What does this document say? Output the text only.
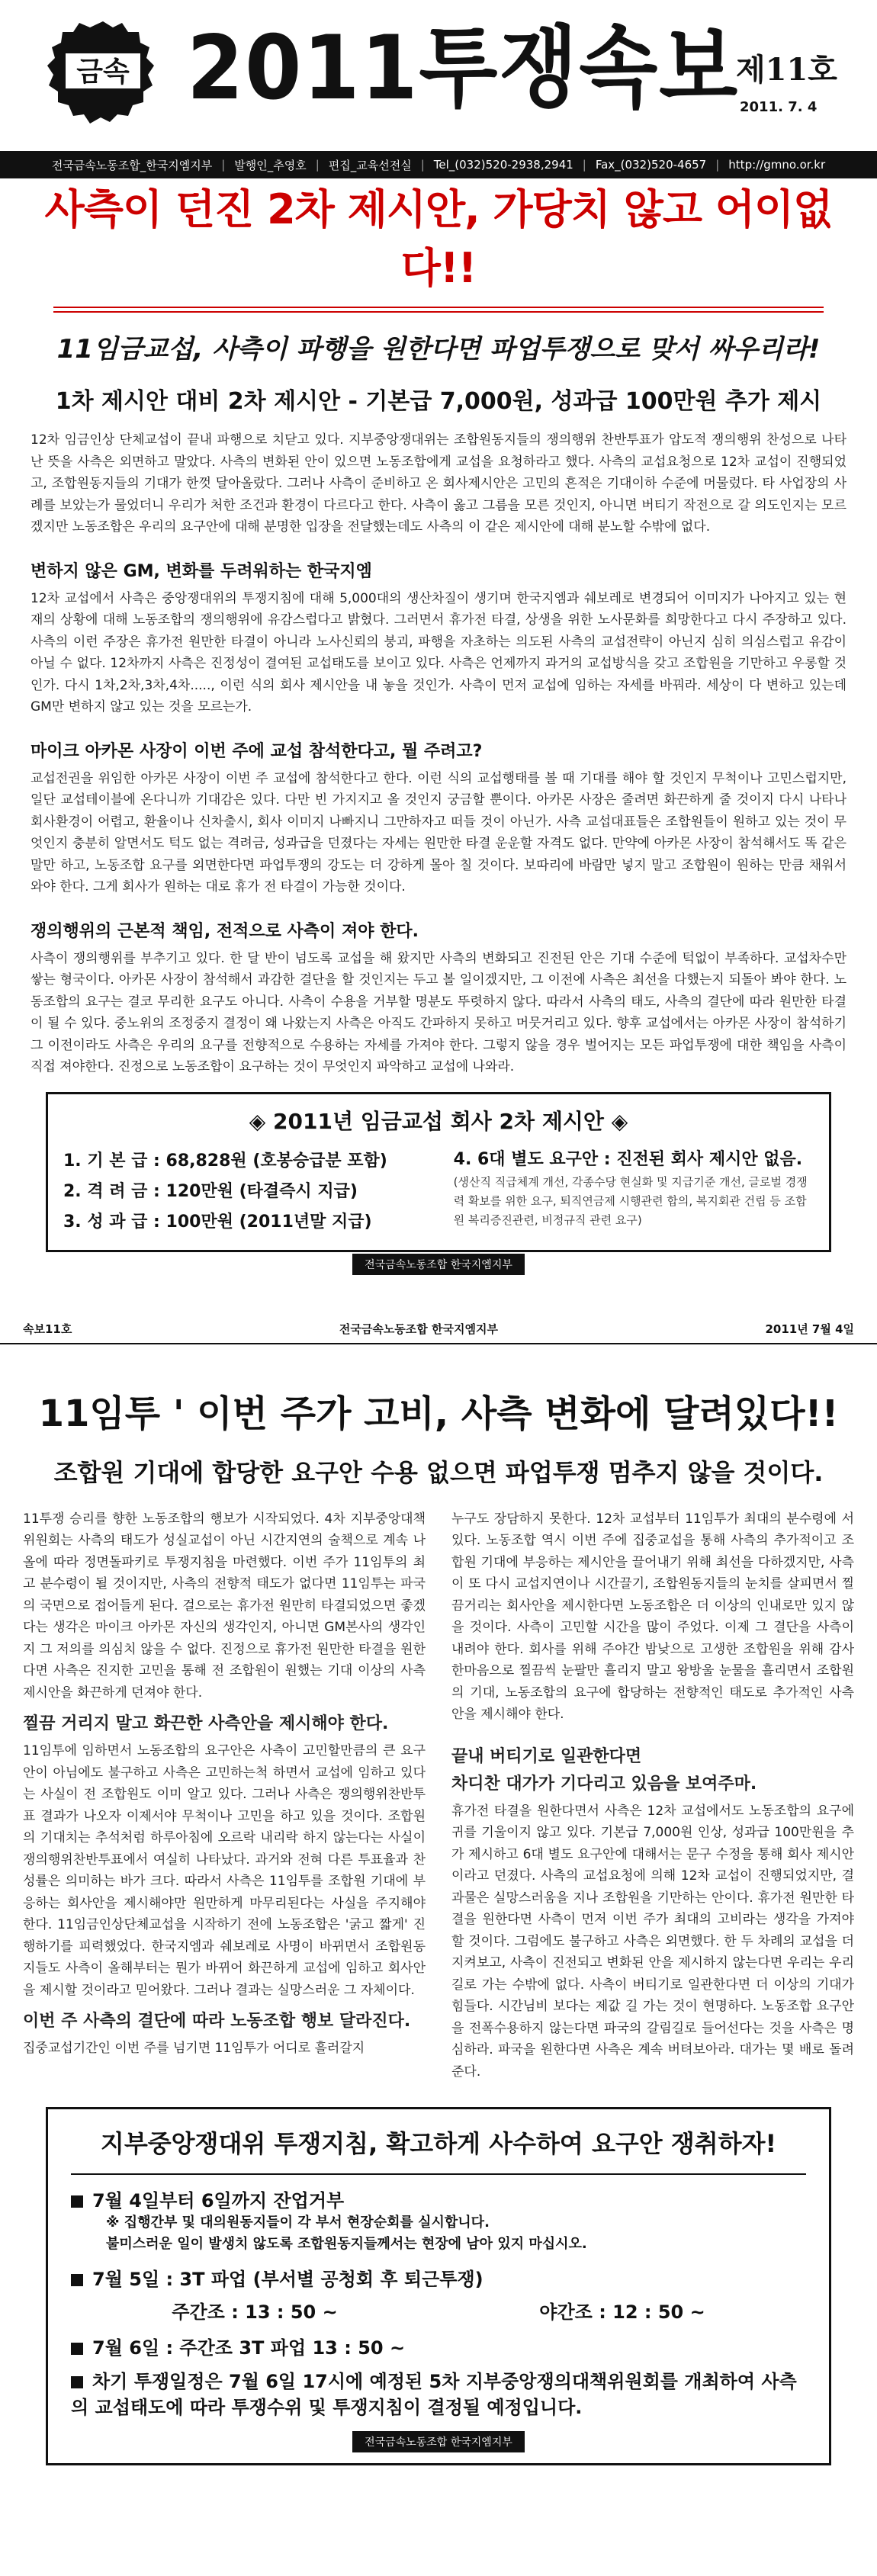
금속 2011투쟁속보
제11호
2011. 7. 4
전국금속노동조합_한국지엠지부 | 발행인_추영호 | 편집_교육선전실 | Tel_(032)520-2938,2941 | Fax_(032)520-4657 | http://gmno.or.kr
사측이 던진 2차 제시안, 가당치 않고 어이없다!!
11임금교섭, 사측이 파행을 원한다면 파업투쟁으로 맞서 싸우리라!
1차 제시안 대비 2차 제시안 - 기본급 7,000원, 성과급 100만원 추가 제시

12차 임금인상 단체교섭이 끝내 파행으로 치닫고 있다. 지부중앙쟁대위는 조합원동지들의 쟁의행위 찬반투표가 압도적 쟁의행위 찬성으로 나타난 뜻을 사측은 외면하고 말았다. 사측의 변화된 안이 있으면 노동조합에게 교섭을 요청하라고 했다. 사측의 교섭요청으로 12차 교섭이 진행되었고, 조합원동지들의 기대가 한껏 달아올랐다. 그러나 사측이 준비하고 온 회사제시안은 고민의 흔적은 기대이하 수준에 머물렀다. 타 사업장의 사례를 보았는가 물었더니 우리가 처한 조건과 환경이 다르다고 한다. 사측이 옳고 그름을 모른 것인지, 아니면 버티기 작전으로 갈 의도인지는 모르겠지만 노동조합은 우리의 요구안에 대해 분명한 입장을 전달했는데도 사측의 이 같은 제시안에 대해 분노할 수밖에 없다.

변하지 않은 GM, 변화를 두려워하는 한국지엠

12차 교섭에서 사측은 중앙쟁대위의 투쟁지침에 대해 5,000대의 생산차질이 생기며 한국지엠과 쉐보레로 변경되어 이미지가 나아지고 있는 현재의 상황에 대해 노동조합의 쟁의행위에 유감스럽다고 밝혔다. 그러면서 휴가전 타결, 상생을 위한 노사문화를 희망한다고 다시 주장하고 있다. 사측의 이런 주장은 휴가전 원만한 타결이 아니라 노사신뢰의 붕괴, 파행을 자초하는 의도된 사측의 교섭전략이 아닌지 심히 의심스럽고 유감이 아닐 수 없다. 12차까지 사측은 진정성이 결여된 교섭태도를 보이고 있다. 사측은 언제까지 과거의 교섭방식을 갖고 조합원을 기만하고 우롱할 것인가. 다시 1차,2차,3차,4차....., 이런 식의 회사 제시안을 내 놓을 것인가. 사측이 먼저 교섭에 임하는 자세를 바꿔라. 세상이 다 변하고 있는데 GM만 변하지 않고 있는 것을 모르는가.

마이크 아카몬 사장이 이번 주에 교섭 참석한다고, 뭘 주려고?

교섭전권을 위임한 아카몬 사장이 이번 주 교섭에 참석한다고 한다. 이런 식의 교섭행태를 볼 때 기대를 해야 할 것인지 무척이나 고민스럽지만, 일단 교섭테이블에 온다니까 기대감은 있다. 다만 빈 가지지고 올 것인지 궁금할 뿐이다. 아카몬 사장은 줄려면 화끈하게 줄 것이지 다시 나타나 회사환경이 어렵고, 환율이나 신차출시, 회사 이미지 나빠지니 그만하자고 떠들 것이 아닌가. 사측 교섭대표들은 조합원들이 원하고 있는 것이 무엇인지 충분히 알면서도 턱도 없는 격려금, 성과급을 던졌다는 자세는 원만한 타결 운운할 자격도 없다. 만약에 아카몬 사장이 참석해서도 똑 같은 말만 하고, 노동조합 요구를 외면한다면 파업투쟁의 강도는 더 강하게 몰아 칠 것이다. 보따리에 바람만 넣지 말고 조합원이 원하는 만큼 채워서 와야 한다. 그게 회사가 원하는 대로 휴가 전 타결이 가능한 것이다.

쟁의행위의 근본적 책임, 전적으로 사측이 져야 한다.

사측이 쟁의행위를 부추기고 있다. 한 달 반이 넘도록 교섭을 해 왔지만 사측의 변화되고 진전된 안은 기대 수준에 턱없이 부족하다. 교섭차수만 쌓는 형국이다. 아카몬 사장이 참석해서 과감한 결단을 할 것인지는 두고 볼 일이겠지만, 그 이전에 사측은 최선을 다했는지 되돌아 봐야 한다. 노동조합의 요구는 결코 무리한 요구도 아니다. 사측이 수용을 거부할 명분도 뚜렷하지 않다. 따라서 사측의 태도, 사측의 결단에 따라 원만한 타결이 될 수 있다. 중노위의 조정중지 결정이 왜 나왔는지 사측은 아직도 간파하지 못하고 머뭇거리고 있다. 향후 교섭에서는 아카몬 사장이 참석하기 그 이전이라도 사측은 우리의 요구를 전향적으로 수용하는 자세를 가져야 한다. 그렇지 않을 경우 벌어지는 모든 파업투쟁에 대한 책임을 사측이 직접 져야한다. 진정으로 노동조합이 요구하는 것이 무엇인지 파악하고 교섭에 나와라.

◈ 2011년 임금교섭 회사 2차 제시안 ◈
1. 기 본 급 : 68,828원 (호봉승급분 포함)
2. 격 려 금 : 120만원 (타결즉시 지급)
3. 성 과 급 : 100만원 (2011년말 지급)
4. 6대 별도 요구안 : 진전된 회사 제시안 없음.
(생산직 직급체계 개선, 각종수당 현실화 및 지급기준 개선, 글로벌 경쟁력 확보를 위한 요구, 퇴직연금제 시행관련 합의, 복지회관 건립 등 조합원 복리증진관련, 비정규직 관련 요구)
전국금속노동조합 한국지엠지부
속보11호	전국금속노동조합 한국지엠지부	2011년 7월 4일
11임투 ' 이번 주가 고비, 사측 변화에 달려있다!!
조합원 기대에 합당한 요구안 수용 없으면 파업투쟁 멈추지 않을 것이다.

11투쟁 승리를 향한 노동조합의 행보가 시작되었다. 4차 지부중앙대책위원회는 사측의 태도가 성실교섭이 아닌 시간지연의 술책으로 계속 나올에 따라 정면돌파키로 투쟁지침을 마련했다. 이번 주가 11임투의 최고 분수령이 될 것이지만, 사측의 전향적 태도가 없다면 11임투는 파국의 국면으로 접어들게 된다. 걸으로는 휴가전 원만히 타결되었으면 좋겠다는 생각은 마이크 아카몬 자신의 생각인지, 아니면 GM본사의 생각인지 그 저의를 의심치 않을 수 없다. 진정으로 휴가전 원만한 타결을 원한다면 사측은 진지한 고민을 통해 전 조합원이 원했는 기대 이상의 사측 제시안을 화끈하게 던져야 한다.

찔끔 거리지 말고 화끈한 사측안을 제시해야 한다.

11임투에 임하면서 노동조합의 요구안은 사측이 고민할만큼의 큰 요구안이 아님에도 불구하고 사측은 고민하는척 하면서 교섭에 임하고 있다는 사실이 전 조합원도 이미 알고 있다. 그러나 사측은 쟁의행위찬반투표 결과가 나오자 이제서야 무척이나 고민을 하고 있을 것이다. 조합원의 기대치는 추석처럼 하루아침에 오르락 내리락 하지 않는다는 사실이 쟁의행위찬반투표에서 여실히 나타났다. 과거와 전혀 다른 투표율과 찬성률은 의미하는 바가 크다. 따라서 사측은 11임투를 조합원 기대에 부응하는 회사안을 제시해야만 원만하게 마무리된다는 사실을 주지해야 한다. 11임금인상단체교섭을 시작하기 전에 노동조합은 '굵고 짧게' 진행하기를 피력했었다. 한국지엠과 쉐보레로 사명이 바뀌면서 조합원동지들도 사측이 올해부터는 뭔가 바뀌어 화끈하게 교섭에 임하고 회사안을 제시할 것이라고 믿어왔다. 그러나 결과는 실망스러운 그 자체이다.

이번 주 사측의 결단에 따라 노동조합 행보 달라진다.

집중교섭기간인 이번 주를 넘기면 11임투가 어디로 흘러갈지

누구도 장담하지 못한다. 12차 교섭부터 11임투가 최대의 분수령에 서 있다. 노동조합 역시 이번 주에 집중교섭을 통해 사측의 추가적이고 조합원 기대에 부응하는 제시안을 끌어내기 위해 최선을 다하겠지만, 사측이 또 다시 교섭지연이나 시간끌기, 조합원동지들의 눈치를 살피면서 찔끔거리는 회사안을 제시한다면 노동조합은 더 이상의 인내로만 있지 않을 것이다. 사측이 고민할 시간을 많이 주었다. 이제 그 결단을 사측이 내려야 한다. 회사를 위해 주야간 밤낮으로 고생한 조합원을 위해 감사한마음으로 찔끔씩 눈팔만 흘리지 말고 왕방울 눈물을 흘리면서 조합원의 기대, 노동조합의 요구에 합당하는 전향적인 태도로 추가적인 사측 안을 제시해야 한다.

끝내 버티기로 일관한다면
차디찬 대가가 기다리고 있음을 보여주마.

휴가전 타결을 원한다면서 사측은 12차 교섭에서도 노동조합의 요구에 귀를 기울이지 않고 있다. 기본급 7,000원 인상, 성과급 100만원을 추가 제시하고 6대 별도 요구안에 대해서는 문구 수정을 통해 회사 제시안이라고 던졌다. 사측의 교섭요청에 의해 12차 교섭이 진행되었지만, 결과물은 실망스러움을 지나 조합원을 기만하는 안이다. 휴가전 원만한 타결을 원한다면 사측이 먼저 이번 주가 최대의 고비라는 생각을 가져야 할 것이다. 그럼에도 불구하고 사측은 외면했다. 한 두 차례의 교섭을 더 지켜보고, 사측이 진전되고 변화된 안을 제시하지 않는다면 우리는 우리 길로 가는 수밖에 없다. 사측이 버티기로 일관한다면 더 이상의 기대가 힘들다. 시간님비 보다는 제값 길 가는 것이 현명하다. 노동조합 요구안을 전폭수용하지 않는다면 파국의 갈림길로 들어선다는 것을 사측은 명심하라. 파국을 원한다면 사측은 계속 버텨보아라. 대가는 몇 배로 돌려준다.

지부중앙쟁대위 투쟁지침, 확고하게 사수하여 요구안 쟁취하자!
7월 4일부터 6일까지 잔업거부
※ 집행간부 및 대의원동지들이 각 부서 현장순회를 실시합니다.
불미스러운 일이 발생치 않도록 조합원동지들께서는 현장에 남아 있지 마십시오.
7월 5일 : 3T 파업 (부서별 공청회 후 퇴근투쟁)
주간조 : 13 : 50 ~	야간조 : 12 : 50 ~
7월 6일 : 주간조 3T 파업 13 : 50 ~
차기 투쟁일정은 7월 6일 17시에 예정된 5차 지부중앙쟁의대책위원회를 개최하여 사측의 교섭태도에 따라 투쟁수위 및 투쟁지침이 결정될 예정입니다.
전국금속노동조합 한국지엠지부
